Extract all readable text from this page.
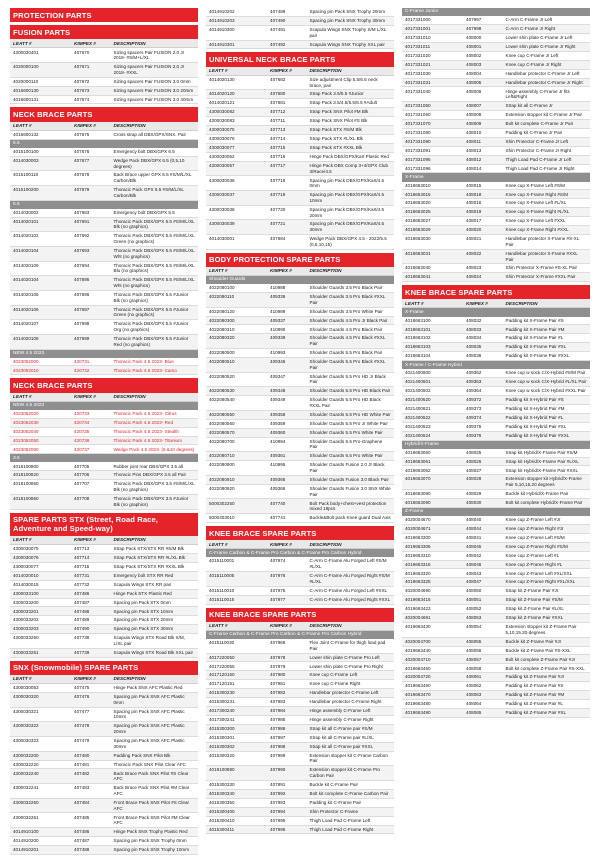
PROTECTION PARTS
FUSION PARTS
LEATT #	KIMPEX #	DESCRIPTION
4300030401	407670	Sizing spacers Pair FUSION 2.0 Jr 2018- #S/M+L/XL
4020000100	407671	Sizing spacers Pair FUSION 2.0 Jr 2018- #XXL
4020000110	407672	Sizing spacers Pair FUSION 3.0 0mm
4016600130	407673	Sizing spacers Pair FUSION 3.0 20mm
4016600131	407674	Sizing spacers Pair FUSION 3.0 40mm
NECK BRACE PARTS
LEATT #	KIMPEX #	DESCRIPTION
4016600132	407675	Cross strap all DBX/GPX/SNX. Pair
6.5
4015100100	407676	Emergency bolt DBX/GPX 6.5
4014030003	407677	Wedge Pack DBX/GPX 6.5 (0,5,10 degrees)
4015100110	407678	Back Brace upper GPX 6.5 #S/M/L/XL Carbon/Blk
4015100200	407679	Thoracic Pack GPX 6.5 #S/M/L/XL Carbon/Blk
5.5
4014030002	407683	Emergency bolt DBX/GPX 5.5
4014020101	407691	Thoracic Pack DBX/GPX 5.5 #S/M/L/XL Blk (no graphics)
4014020102	407692	Thoracic Pack DBX/GPX 5.5 #S/M/L/XL Green (no graphics)
4014020104	407693	Thoracic Pack DBX/GPX 5.5 #S/M/L/XL Wht (no graphics)
4014020109	407694	Thoracic Pack DBX/GPX 5.5 #S/M/L/XL Blu (no graphics)
4014020104	407695	Thoracic Pack DBX/GPX 5.5 #S/M/L/XL Wht (no graphics)
4014020105	407696	Thoracic Pack DBX/GPX 5.5 #Junior Blk (no graphics)
4014020106	407697	Thoracic Pack DBX/GPX 5.5 #Junior Green (no graphics)
4014020107	407698	Thoracic Pack DBX/GPX 5.5 #Junior Org (no graphics)
4014020108	407699	Thoracic Pack DBX/GPX 5.5 #Junior Red (no graphics)
NEW 4.5 2023
4023052000	420731	Thoracic Pack 4.5 2023- Blue
4023052010	420732	Thoracic Pack 4.5 2023- Camo
NECK BRACE PARTS
LEATT #	KIMPEX #	DESCRIPTION
NEW 4.5 2023
4023052020	420733	Thoracic Pack 4.5 2023- Citrus
4023052030	420734	Thoracic Pack 4.5 2023- Red
4023052040	420735	Thoracic Pack 4.5 2023- Stealth
4023052050	420736	Thoracic Pack 4.5 2023- Titanium
4023052060	420737	Wedge Pack 4.5 2023- (5 &10 degrees)
3.5
4018100800	407705	Rubber joint rear DBX/GPX 3.5 all
4018100820	407706	Thoracic Pins DBX/GPX 3.5 all Pair
4018100850	407707	Thoracic Pack DBX/GPX 3.5 #S/M/L/XL Blk (no graphics)
4018100860	407708	Thoracic Pack DBX/GPX 3.5 #Junior Blk (no graphics)
SPARE PARTS STX (Street, Road Race, Adventure and Speed-way)
LEATT #	KIMPEX #	DESCRIPTION
4300030075	407713	Strap Pack STX/STX RR #S/M Blk
4300030076	407714	Strap Pack STX/STX RR #L/XL Blk
4300030077	407715	Strap Pack STX/STX RR #XXL Blk
4014020010	407731	Emergency bolt STX RR Red
4014030015	407732	Scapula Wings STX RR pair
4300033100	407486	Hinge Pack STX Plastic Red
4300033200	407487	Spacing pin Pack STX 0mm
4300033201	407488	Spacing pin Pack STX 10mm
4300033202	407489	Spacing pin Pack STX 20mm
4300033203	407490	Spacing pin Pack STX 30mm
4300033250	407738	Scapula Wings STX Road Blk S/M, L/XL pair
4300033251	407739	Scapula Wings STX Road Blk XXL pair
SNX (Snowmobile) SPARE PARTS
LEATT #	KIMPEX #	DESCRIPTION
4300030053	407475	Hinge Pack SNX AFC Plastic Red
4300030320	407476	Spacing pin Pack SNX AFC Plastic 0mm
4300030321	407477	Spacing pin Pack SNX AFC Plastic 10mm
4300030322	407478	Spacing pin Pack SNX AFC Plastic 20mm
4300030323	407479	Spacing pin Pack SNX AFC Plastic 30mm
4300032200	407480	Padding Pack SNX Pilot Blk
4300032220	407481	Thoracic Pack SNX Pilot Clear AFC
4300032240	407482	Back Brace Pack SNX Pilot #S Clear AFC
4300032241	407483	Back Brace Pack SNX Pilot #M Clear AFC
4300032250	407484	Front Brace Pack SNX Pilot #S Clear AFC
4300032251	407485	Front Brace Pack SNX Pilot #M Clear AFC
4014910100	407486	Hinge Pack SNX Trophy Plastic Red
4014910200	407487	Spacing pin Pack SNX Trophy 0mm
4014910201	407488	Spacing pin Pack SNX Trophy 10mm
4014910202	407489	Spacing pin Pack SNX Trophy 20mm
4014910203	407490	Spacing pin Pack SNX Trophy 30mm
4014910300	407491	Scapula Wings SNX Trophy S/M L/XL pair
4014910301	407492	Scapula Wings SNX Trophy XXL pair
UNIVERSAL NECK BRACE PARTS
LEATT #	KIMPEX #	DESCRIPTION
4014020130	407682	Size adjustment Clip 5.5/6.5 neck brace, pair
4014020120	407680	Strap Pack 3.5/5.5 #Junior
4014020121	407681	Strap Pack 3.5/4.5/5.5/6.5 #Adult
4300030082	407712	Strap Pack SNX Pilot #M Blk
4300030083	407711	Strap Pack SNX Pilot #S Blk
4300030075	407713	Strap Pack STX #S/M Blk
4300030076	407714	Strap Pack STX #L/XL Blk
4300030077	407715	Strap Pack STX #XXL Blk
4300030052	407716	Hinge Pack DBX/GPX/Kart Plastic Red
4300030057	407717	Hinge Pack DBX Comp 3+4/GPX Club 3/Race/4.5
4300030036	407718	Spacing pin Pack DBX/GPX/Kart/4.5 0mm
4300030037	407719	Spacing pin Pack DBX/GPX/Kart/4.5 10mm
4300030038	407720	Spacing pin Pack DBX/GPX/Kart/4.5 20mm
4300030039	407721	Spacing pin Pack DBX/GPX/Kart/4.5 30mm
4014030001	407684	Wedge Pack DBX/GPX 4.5 - 2022/5.5 (0,5,10,15)
BODY PROTECTION SPARE PARTS
LEATT #	KIMPEX #	DESCRIPTION
Shoulder Guards
4022080100	410988	Shoulder Guards 3.5 Pro Black Pair
4022080110	409336	Shoulder Guards 3.5 Pro Black #XXL Pair
4022080120	410989	Shoulder Guards 3.5 Pro White Pair
4022080300	409337	Shoulder Guards 4.5 Pro Jr Black Pair
4022080310	410990	Shoulder Guards 4.5 Pro Black Pair
4022080320	409339	Shoulder Guards 4.5 Pro Black #XXL Pair
4022080500	410993	Shoulder Guards 5.5 Pro Black Pair
4022080510	409346	Shoulder Guards 5.5 Pro Black #XXL Pair
4022080520	409347	Shoulder Guards 5.5 Pro HD Jr Black Pair
4022080530	409348	Shoulder Guards 5.5 Pro HD Black Pair
4022080540	409349	Shoulder Guards 5.5 Pro HD Black #XXL Pair
4022080550	409358	Shoulder Guards 5.5 Pro HD White Pair
4022080560	409359	Shoulder Guards 5.5 Pro Jr White Pair
4022080570	409360	Shoulder Guards 5.5 Pro White Pair
4022080700	410994	Shoulder Guards 6.5 Pro-Graphene Pair
4022080710	409361	Shoulder Guards 6.5 Pro White Pair
4022080900	410995	Shoulder Guards Fusion 2.0 Jr Black Pair
4022080910	409365	Shoulder Guards Fusion 3.0 Black Pair
4022080920	409366	Shoulder Guards Fusion 3.0 SNX White Pair
5000302250	407740	Bolt Pack body+chest+vest protection mixed 18pcs
5000403010	407741	Buckle&Bolt pack Knee guard Dual Axis
KNEE BRACE SPARE PARTS
LEATT #	KIMPEX #	DESCRIPTION
C-Frame Carbon & C-Frame Pro Carbon & C-Frame Pro Carbon Hybrid
4015110001	407974	C-Arm C-Frame Alu Forged Left #S/M #L/XL
4015110005	407976	C-Arm C-Frame Alu Forged Right #S/M #L/XL
4015110010	407975	C-Arm C-Frame Alu Forged Left #XXL
4015110015	407977	C-Arm C-Frame Alu Forged Right #XXL
KNEE BRACE SPARE PARTS
LEATT #	KIMPEX #	DESCRIPTION
C-Frame Carbon & C-Frame Pro Carbon & C-Frame Pro Carbon Hybrid
4015110030	407968	Flex Joint C-Frame for thigh load pad Pair
4017220050	407978	Lower shin plate C-Frame Pro Left
4017220055	407979	Lower shin plate C-Frame Pro Right
4017120150	407980	Knee cup C-Frame Left
4017120151	407981	Knee cup C-Frame Right
4015300230	407982	Handlebar protector C-Frame Left
4015300231	407983	Handlebar protector C-Frame Right
4017300240	407984	Hinge assembly C-Frame Left
4017300241	407985	Hinge assembly C-Frame Right
4015300300	407986	Strap kit all C-Frame pair #S/M
4015300301	407987	Strap kit all C-Frame pair #L/XL
4015300302	407988	Strap kit all C-Frame pair #XXL
4015300320	407989	Extension stopper kit C-Frame Carbon Pair
4019100880	407990	Extension stopper kit C-Frame Pro Carbon Pair
4015300330	407991	Buckle kit C-Frame Pair
4015300340	407992	Bolt kit complete C-Frame Carbon Pair
4015300350	407993	Padding kit C-Frame Pair
4015300400	407994	Shin Protector C-Frame
4015300410	407995	Thigh Load Pad C-Frame Left
4015300411	407996	Thigh Load Pad C-Frame Right
C-Frame Junior
4017331000	407997	C-Arm C-Frame Jr Left
4017331001	407998	C-Arm C-Frame Jr Right
4017331010	408000	Lower shin plate C-Frame Jr Left
4017331011	408001	Lower shin plate C-Frame Jr Right
4017331020	408002	Knee cup C-Frame Jr Left
4017331021	408003	Knee cup C-Frame Jr Right
4017331030	408004	Handlebar protector C-Frame Jr Left
4017331031	408005	Handlebar protector C-Frame Jr Right
4017331040	408006	Hinge assembly C-Frame Jr fits Left&Right
4017331050	408007	Strap kit all C-Frame Jr
4017331060	408008	Extension stopper kit C-Frame Jr Pair
4017331070	408009	Bolt kit complete C-Frame Jr Pair
4017331080	408010	Padding kit C-Frame Jr Pair
4017331090	408011	Shin Protector C-Frame Jr Left
4017331091	408013	Shin Protector C-Frame Jr Right
4017331095	408012	Thigh Load Pad C-Frame Jr Left
4017331096	408014	Thigh Load Pad C-Frame Jr Right
X-Frame
4018663010	408015	Knee cup X-Frame Left #S/M
4018663015	408018	Knee cup X-Frame Right #S/M
4018663020	408016	Knee cup X-Frame Left #L/XL
4018663025	408019	Knee cup X-Frame Right #L/XL
4018663027	408017	Knee cup X-Frame Left #XXL
4018663029	408020	Knee cup X-Frame Right #XXL
4018663030	408021	Handlebar protector X-Frame #S-XL Pair
4018663031	408022	Handlebar protector X-Frame #XXL Pair
4018663040	408023	Shin Protector X-Frame #S-XL Pair
4018663041	408024	Shin Protector X-Frame #XXL Pair
KNEE BRACE SPARE PARTS
LEATT #	KIMPEX #	DESCRIPTION
X-Frame
4018663100	408032	Padding kit X-Frame Pair #S
4018663101	408033	Padding kit X-Frame Pair #M
4018663102	408034	Padding kit X-Frame Pair #L
4018663103	408035	Padding kit X-Frame Pair #XL
4018663104	408036	Padding kit X-Frame Pair #XXL
X-Frame / C-Frame Hybrid
4021400600	409362	Knee cup w sock C/X-Hybrid #S/M Pair
4021400601	409363	Knee cup w sock C/X-Hybrid #L/XL Pair
4021400602	409364	Knee cup w sock C/X-Hybrid #XXL Pair
4021400620	409372	Padding kit X-Hybrid Pair #S
4021400621	409373	Padding kit X-Hybrid Pair #M
4021400622	409374	Padding kit X-Hybrid Pair #L
4021400623	409375	Padding kit X-Hybrid Pair #XL
4021400624	409376	Padding kit X-Hybrid Pair #XXL
Hybrid/X-Frame
4019663060	408025	Strap kit Hybrid/X-Frame Pair #S/M
4019663061	408026	Strap kit Hybrid/X-Frame Pair #L/XL
4019663062	408027	Strap kit Hybrid/X-Frame Pair #XXL
4019663070	408028	Extension stopper kit Hybrid/X-Frame Pair 5,10,15,20 degrees
4018663080	408029	Buckle kit Hybrid/X-Frame Pair
4018663090	408030	Bolt kit complete Hybrid/X-Frame Pair
Z-Frame
4020004670	408040	Knee cup Z-Frame Left #Jr
4020004671	408044	Knee cup Z-Frame Right #Jr
4019663300	408041	Knee cup Z-Frame Left #S/M
4019663305	408045	Knee cup Z-Frame Right #S/M
4019663310	408042	Knee cup Z-Frame Left #L
4019663315	408046	Knee cup Z-Frame Right #L
4019663320	408043	Knee cup Z-Frame Left #XL/XXL
4019663325	408047	Knee cup Z-Frame Right #XL/XXL
4020004690	408050	Strap kit Z-Frame Pair #Jr
4019663415	408051	Strap kit Z-Frame Pair #S/M
4019663423	408052	Strap kit Z-Frame Pair #L/XL
4020004691	408053	Strap kit Z-Frame Pair #XXL
4019663430	408054	Extension stopper kit Z-Frame Pair 5,10,15,20-degrees
4020004700	408055	Buckle kit Z-Frame Pair #Jr
4019663440	408056	Buckle kit Z-Frame Pair #S-XXL
4020004710	408057	Bolt kit complete Z-Frame Pair #Jr
4019663450	408058	Bolt kit complete Z-Frame Pair #S-XXL
4020004720	408061	Padding kit Z-Frame Pair #Jr
4019663460	408062	Padding kit Z-Frame Pair #S
4019663470	408063	Padding kit Z-Frame Pair #M
4019663480	408064	Padding kit Z-Frame Pair #L
4019663490	408065	Padding kit Z-Frame Pair #XL
